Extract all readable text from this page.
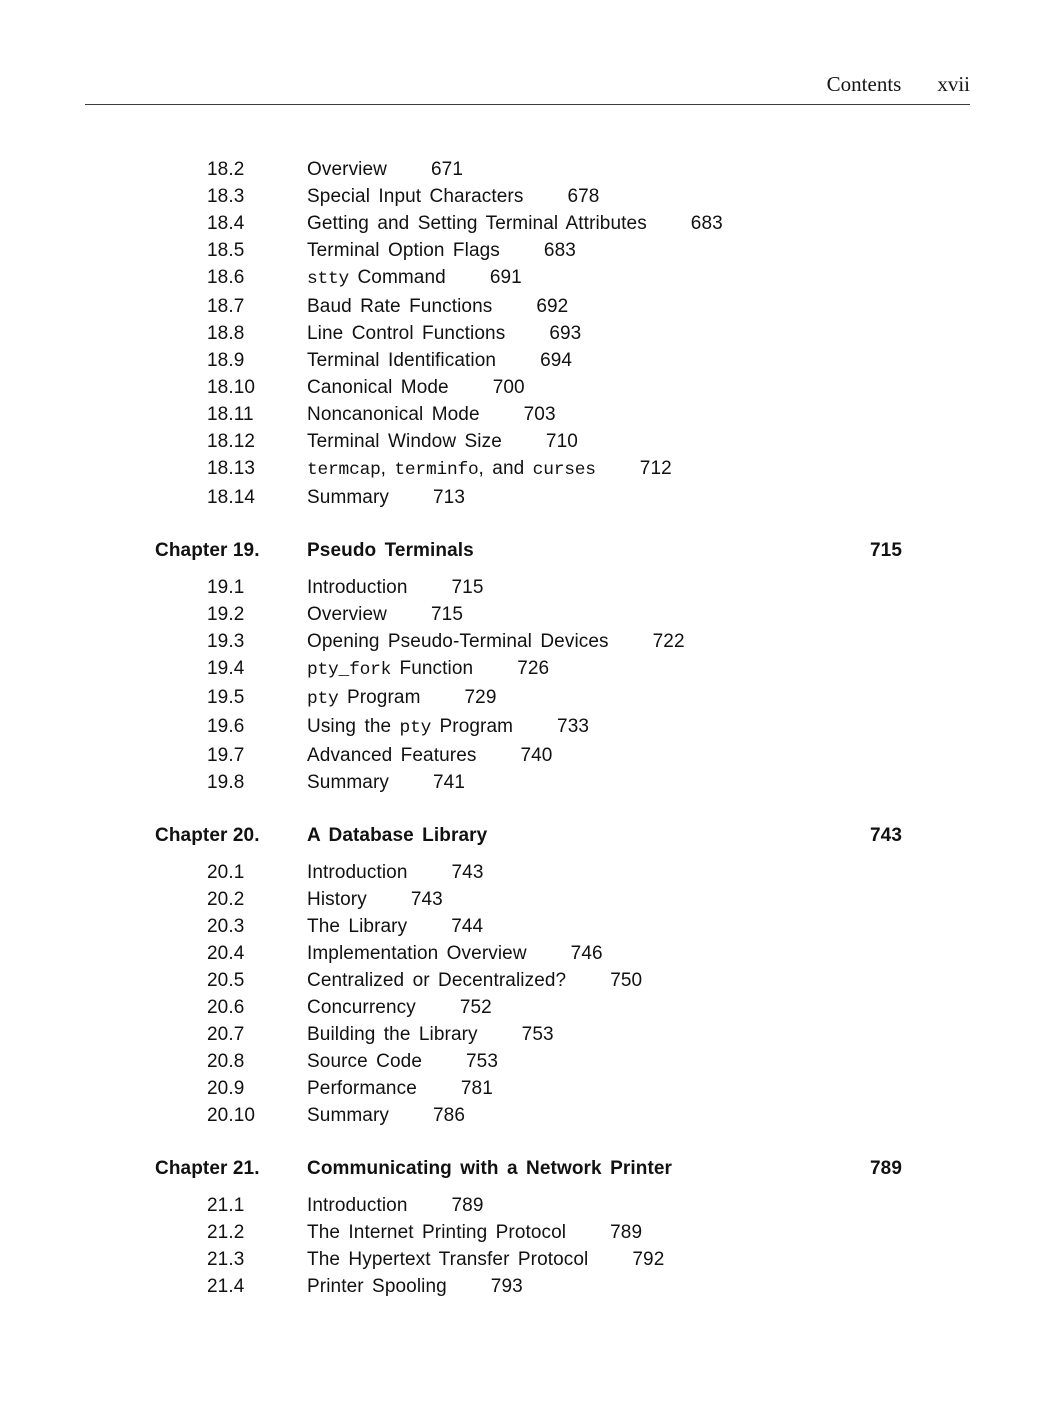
Contents xvii
18.2	Overview 671
18.3	Special Input Characters 678
18.4	Getting and Setting Terminal Attributes 683
18.5	Terminal Option Flags 683
18.6	stty Command 691
18.7	Baud Rate Functions 692
18.8	Line Control Functions 693
18.9	Terminal Identification 694
18.10	Canonical Mode 700
18.11	Noncanonical Mode 703
18.12	Terminal Window Size 710
18.13	termcap, terminfo, and curses 712
18.14	Summary 713
Chapter 19.	Pseudo Terminals	715
19.1	Introduction 715
19.2	Overview 715
19.3	Opening Pseudo-Terminal Devices 722
19.4	pty_fork Function 726
19.5	pty Program 729
19.6	Using the pty Program 733
19.7	Advanced Features 740
19.8	Summary 741
Chapter 20.	A Database Library	743
20.1	Introduction 743
20.2	History 743
20.3	The Library 744
20.4	Implementation Overview 746
20.5	Centralized or Decentralized? 750
20.6	Concurrency 752
20.7	Building the Library 753
20.8	Source Code 753
20.9	Performance 781
20.10	Summary 786
Chapter 21.	Communicating with a Network Printer	789
21.1	Introduction 789
21.2	The Internet Printing Protocol 789
21.3	The Hypertext Transfer Protocol 792
21.4	Printer Spooling 793
